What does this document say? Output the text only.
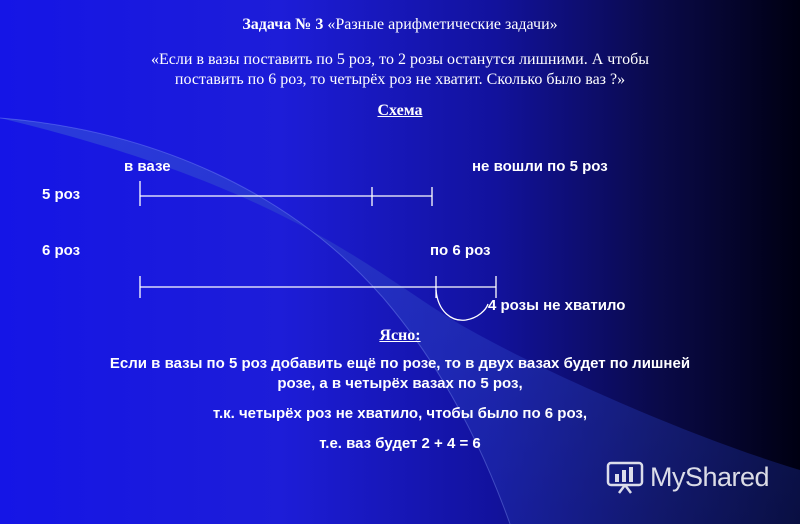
Задача № 3 «Разные арифметические задачи»
«Если в вазы поставить по 5 роз, то 2 розы останутся лишними. А чтобы
поставить по 6 роз, то четырёх роз не хватит. Сколько было ваз ?»
Схема
в вазе	не вошли по 5 роз
5 роз
6 роз	по 6 роз
4 розы не хватило
Ясно:
Если в вазы по 5 роз добавить ещё по розе, то в двух вазах будет по лишней
розе, а в четырёх вазах по 5 роз,
т.к. четырёх роз не хватило, чтобы было по 6 роз,
т.е. ваз будет 2 + 4 = 6
MyShared
